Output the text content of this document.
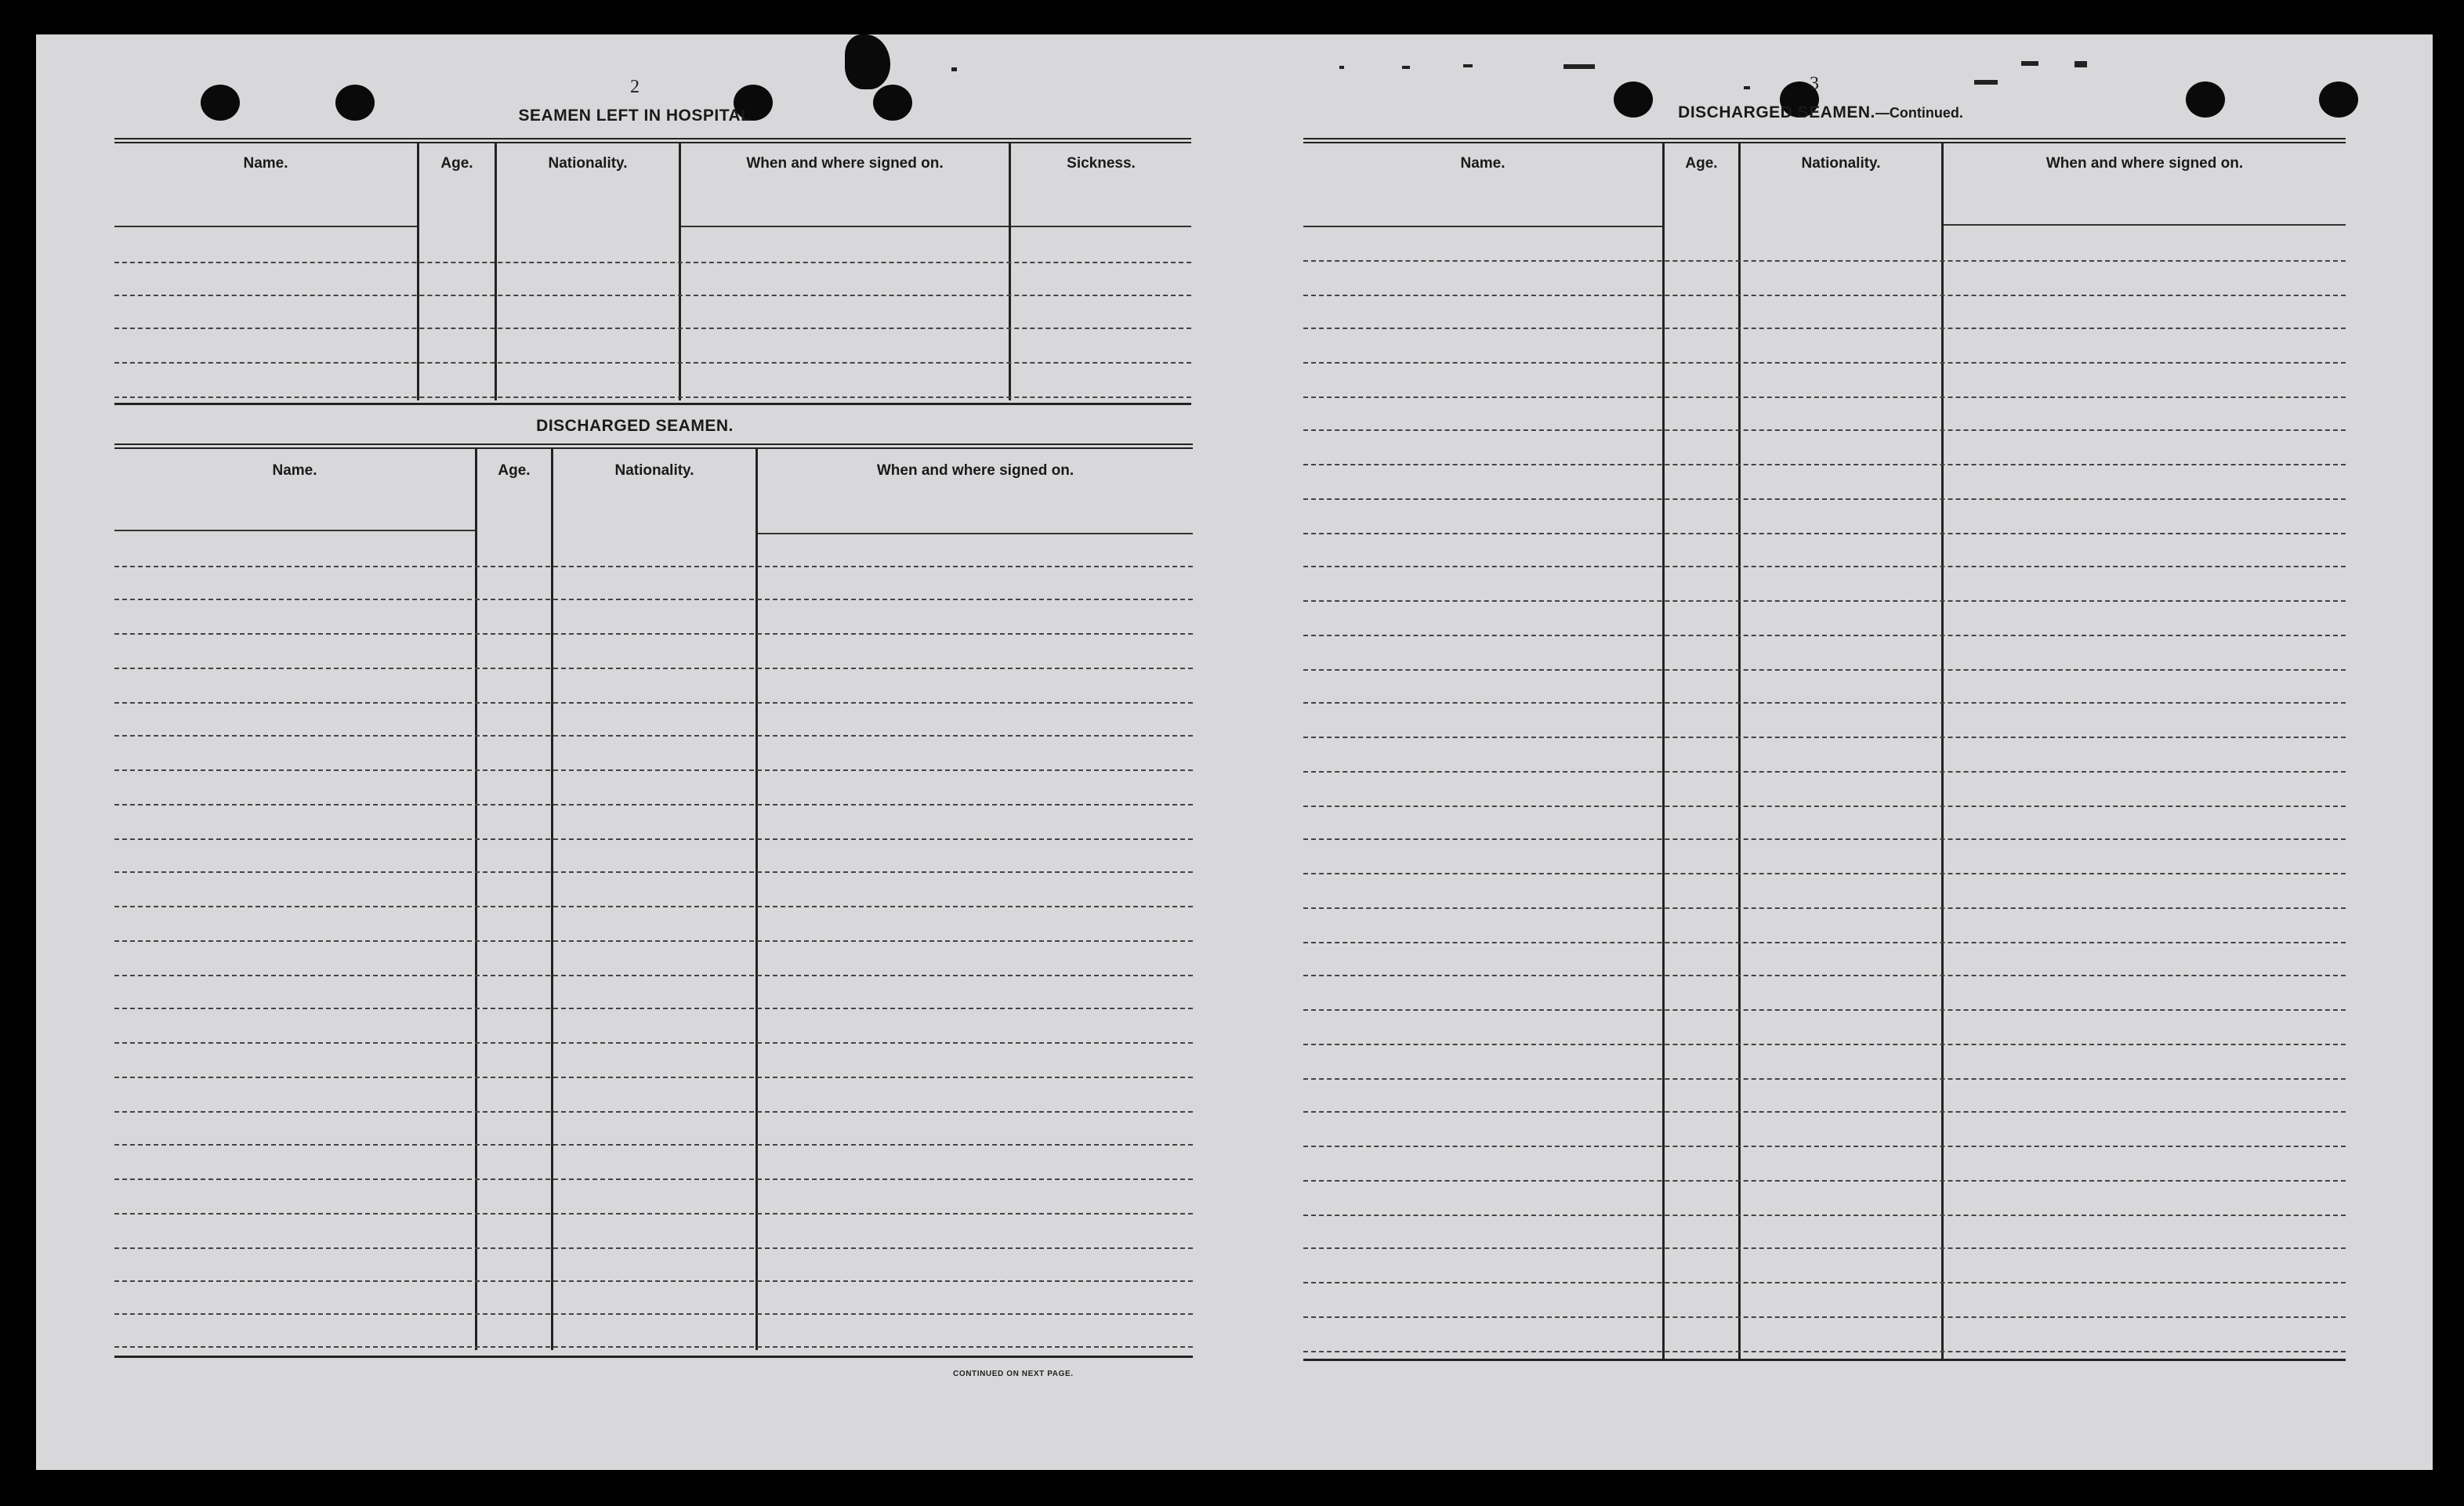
2
SEAMEN LEFT IN HOSPITAL
Name.	Age.	Nationality.	When and where signed on.	Sickness.
DISCHARGED SEAMEN.
Name.	Age.	Nationality.	When and where signed on.
CONTINUED ON NEXT PAGE.
3
DISCHARGED SEAMEN.—Continued.
Name.	Age.	Nationality.	When and where signed on.
